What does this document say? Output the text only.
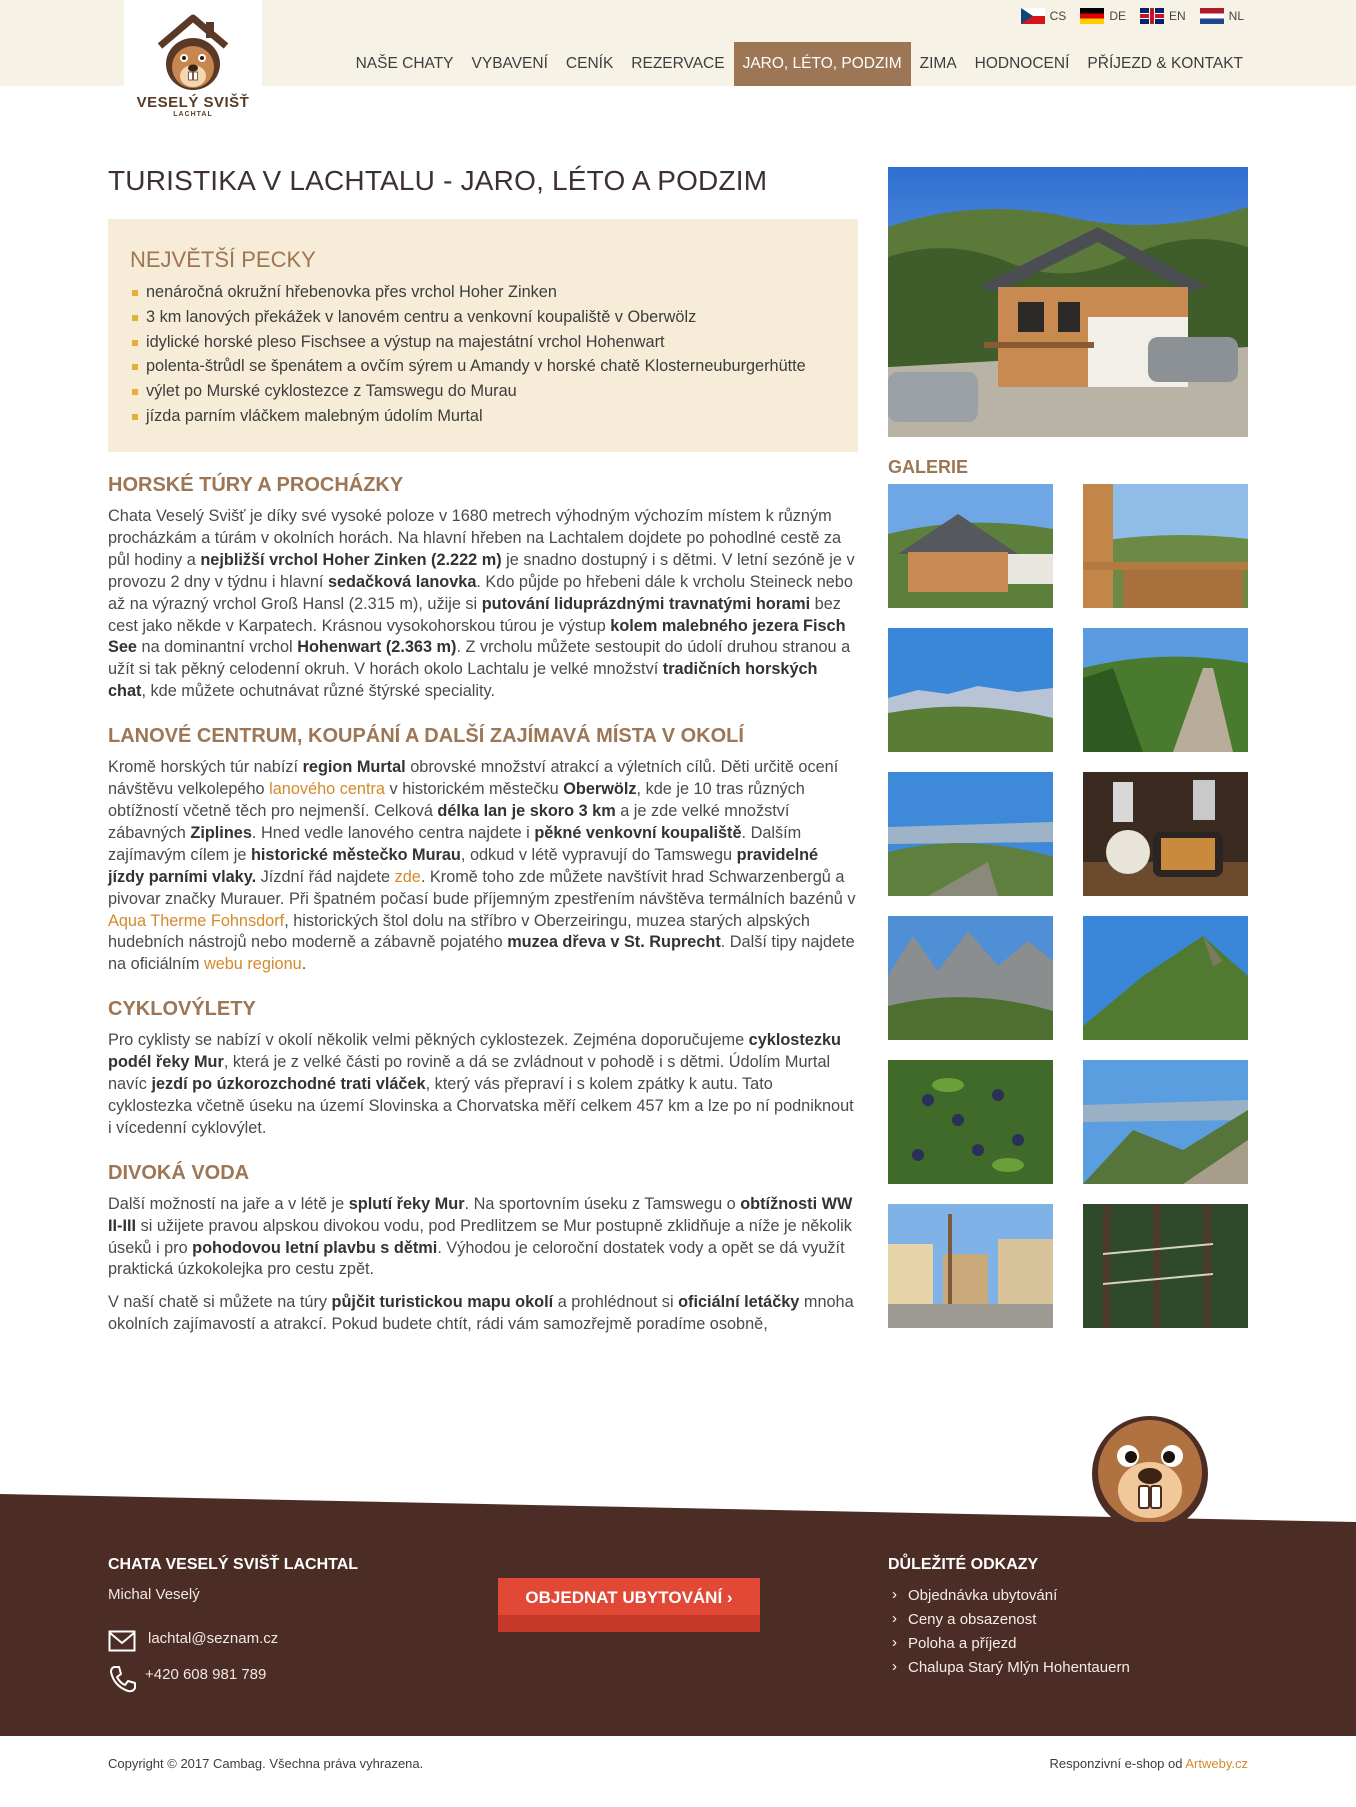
VESELÝ SVIŠŤ
LACHTAL
CS	DE	EN	NL
NAŠE CHATY	VYBAVENÍ	CENÍK	REZERVACE	JARO, LÉTO, PODZIM	ZIMA	HODNOCENÍ	PŘÍJEZD & KONTAKT
TURISTIKA V LACHTALU - JARO, LÉTO A PODZIM
NEJVĚTŠÍ PECKY
nenáročná okružní hřebenovka přes vrchol Hoher Zinken
3 km lanových překážek v lanovém centru a venkovní koupaliště v Oberwölz
idylické horské pleso Fischsee a výstup na majestátní vrchol Hohenwart
polenta-štrůdl se špenátem a ovčím sýrem u Amandy v horské chatě Klosterneuburgerhütte
výlet po Murské cyklostezce z Tamswegu do Murau
jízda parním vláčkem malebným údolím Murtal
HORSKÉ TÚRY A PROCHÁZKY

Chata Veselý Svišť je díky své vysoké poloze v 1680 metrech výhodným výchozím místem k různým procházkám a túrám v okolních horách. Na hlavní hřeben na Lachtalem dojdete po pohodlné cestě za půl hodiny a nejbližší vrchol Hoher Zinken (2.222 m) je snadno dostupný i s dětmi. V letní sezóně je v provozu 2 dny v týdnu i hlavní sedačková lanovka. Kdo půjde po hřebeni dále k vrcholu Steineck nebo až na výrazný vrchol Groß Hansl (2.315 m), užije si putování liduprázdnými travnatými horami bez cest jako někde v Karpatech. Krásnou vysokohorskou túrou je výstup kolem malebného jezera Fisch See na dominantní vrchol Hohenwart (2.363 m). Z vrcholu můžete sestoupit do údolí druhou stranou a užít si tak pěkný celodenní okruh. V horách okolo Lachtalu je velké množství tradičních horských chat, kde můžete ochutnávat různé štýrské speciality.

LANOVÉ CENTRUM, KOUPÁNÍ A DALŠÍ ZAJÍMAVÁ MÍSTA V OKOLÍ

Kromě horských túr nabízí region Murtal obrovské množství atrakcí a výletních cílů. Děti určitě ocení návštěvu velkolepého lanového centra v historickém městečku Oberwölz, kde je 10 tras různých obtížností včetně těch pro nejmenší. Celková délka lan je skoro 3 km a je zde velké množství zábavných Ziplines. Hned vedle lanového centra najdete i pěkné venkovní koupaliště. Dalším zajímavým cílem je historické městečko Murau, odkud v létě vypravují do Tamswegu pravidelné jízdy parními vlaky. Jízdní řád najdete zde. Kromě toho zde můžete navštívit hrad Schwarzenbergů a pivovar značky Murauer. Při špatném počasí bude příjemným zpestřením návštěva termálních bazénů v Aqua Therme Fohnsdorf, historických štol dolu na stříbro v Oberzeiringu, muzea starých alpských hudebních nástrojů nebo moderně a zábavně pojatého muzea dřeva v St. Ruprecht. Další tipy najdete na oficiálním webu regionu.

CYKLOVÝLETY

Pro cyklisty se nabízí v okolí několik velmi pěkných cyklostezek. Zejména doporučujeme cyklostezku podél řeky Mur, která je z velké části po rovině a dá se zvládnout v pohodě i s dětmi. Údolím Murtal navíc jezdí po úzkorozchodné trati vláček, který vás přepraví i s kolem zpátky k autu. Tato cyklostezka včetně úseku na území Slovinska a Chorvatska měří celkem 457 km a lze po ní podniknout i vícedenní cyklovýlet.

DIVOKÁ VODA

Další možností na jaře a v létě je splutí řeky Mur. Na sportovním úseku z Tamswegu o obtížnosti WW II-III si užijete pravou alpskou divokou vodu, pod Predlitzem se Mur postupně zklidňuje a níže je několik úseků i pro pohodovou letní plavbu s dětmi. Výhodou je celoroční dostatek vody a opět se dá využít praktická úzkokolejka pro cestu zpět.

V naší chatě si můžete na túry půjčit turistickou mapu okolí a prohlédnout si oficiální letáčky mnoha okolních zajímavostí a atrakcí. Pokud budete chtít, rádi vám samozřejmě poradíme osobně,

GALERIE
CHATA VESELÝ SVIŠŤ LACHTAL
Michal Veselý
lachtal@seznam.cz
+420 608 981 789
OBJEDNAT UBYTOVÁNÍ ›
DŮLEŽITÉ ODKAZY
› Objednávka ubytování
› Ceny a obsazenost
› Poloha a příjezd
› Chalupa Starý Mlýn Hohentauern
Copyright © 2017 Cambag. Všechna práva vyhrazena.	Responzivní e-shop od Artweby.cz
